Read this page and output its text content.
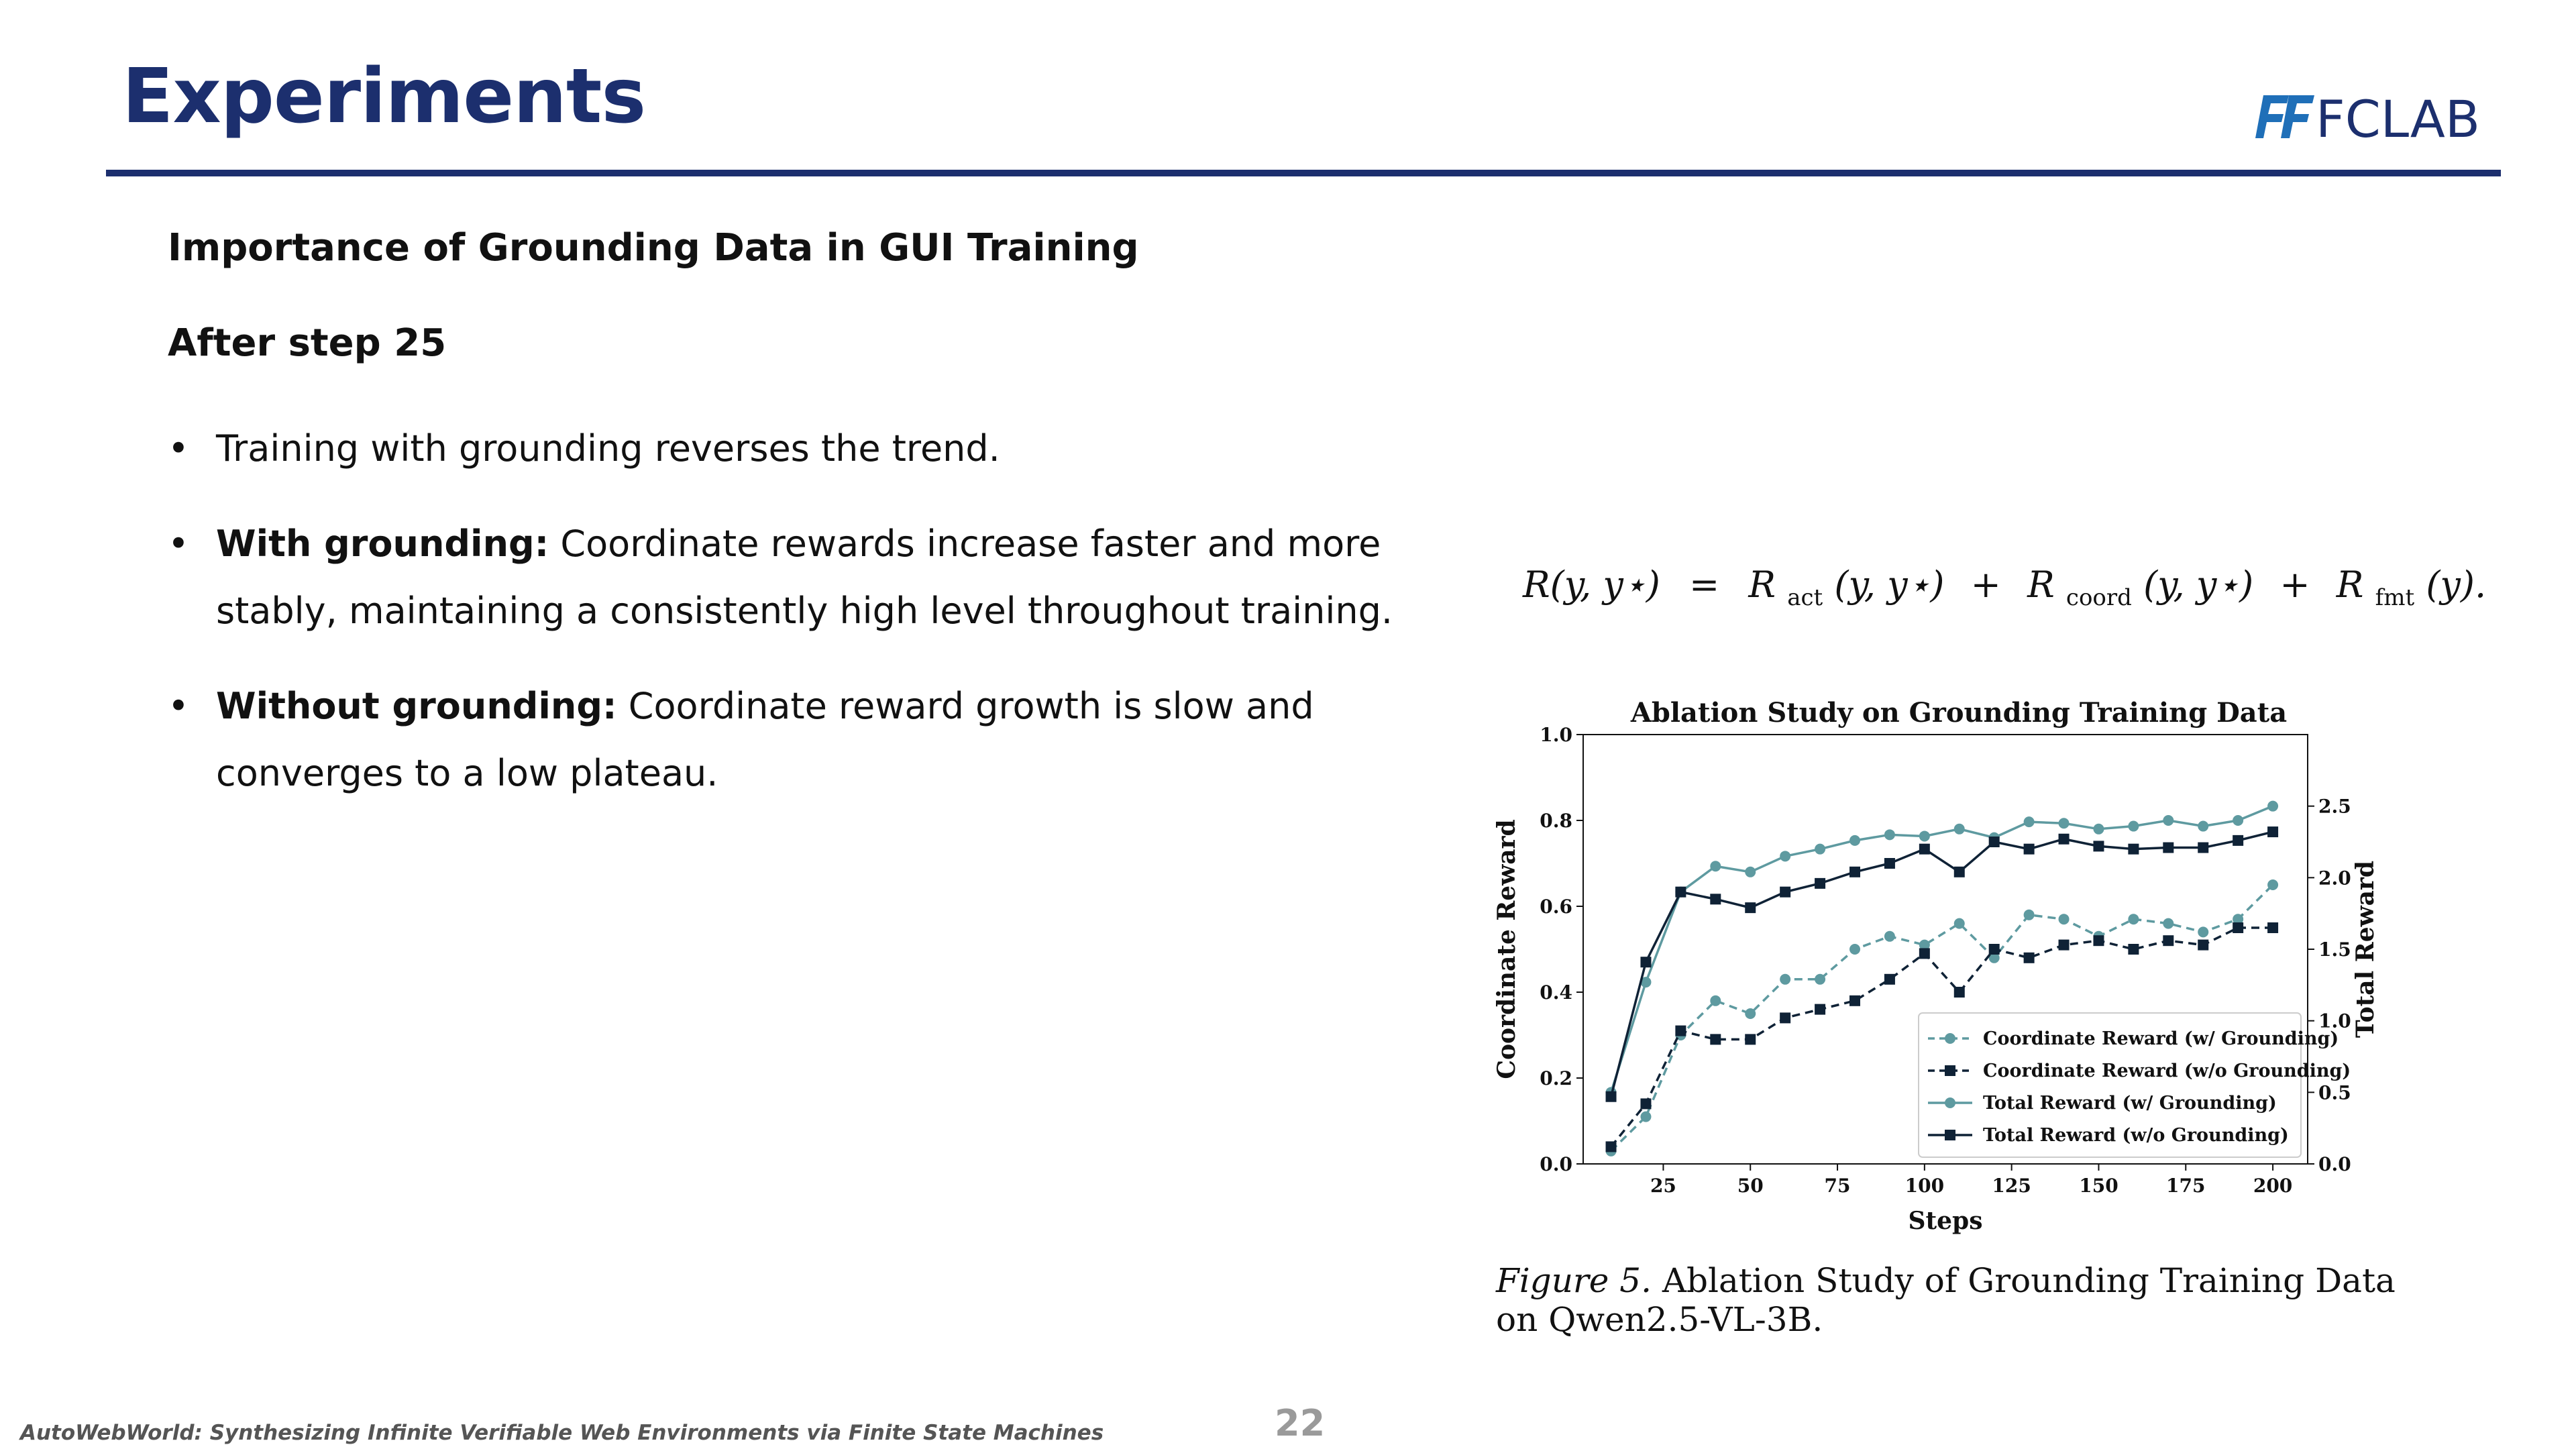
Experiments	FCLAB
Importance of Grounding Data in GUI Training
After step 25
• Training with grounding reverses the trend.
• With grounding: Coordinate rewards increase faster and more stably, maintaining a consistently high level throughout training.
• Without grounding: Coordinate reward growth is slow and converges to a low plateau.
R(y, y⋆) = R $_{act}$ (y, y⋆) + R $_{coord}$ (y, y⋆) + R $_{fmt}$ (y).
Ablation Study on Grounding Training Data
25	50	75	100	125	150	175	200
0.0
0.2
0.4
0.6
0.8
1.0
0.0
0.5
1.0
1.5
2.0
2.5
Steps
Coordinate Reward	Total Reward
Coordinate Reward (w/ Grounding)
Coordinate Reward (w/o Grounding)
Total Reward (w/ Grounding)
Total Reward (w/o Grounding)
Figure 5. Ablation Study of Grounding Training Data on Qwen2.5-VL-3B.
AutoWebWorld: Synthesizing Infinite Verifiable Web Environments via Finite State Machines	22
